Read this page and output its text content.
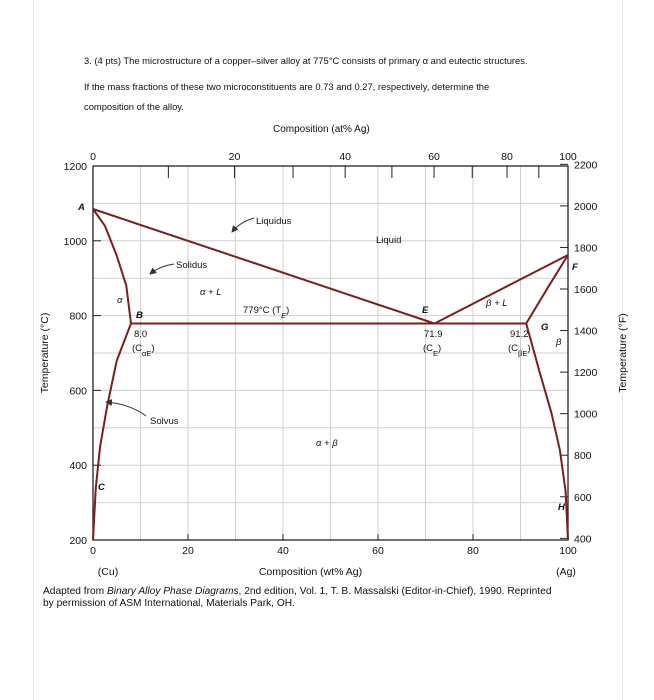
3. (4 pts) The microstructure of a copper–silver alloy at 775°C consists of primary α and eutectic structures.
If the mass fractions of these two microconstituents are 0.73 and 0.27, respectively, determine the
composition of the alloy.
Composition (at% Ag)
0	20	40	60	80	100
Composition (wt% Ag)
(Cu)	(Ag)
0	20	40	60	80	100
200
400
600
800
1000
1200
Temperature (°C)
400
600
800
1000
1200
1400
1600
1800
2000
2200
Temperature (°F)
A
B
C
E
F
G
H
Liquidus
Solidus
Liquid
Solvus
α
α + L
β + L
β
α + β
779°C $(T_E)$
8.0
$(C_{\alpha E})$
71.9
$(C_E)$
91.2
$(C_{\beta E})$
Adapted from Binary Alloy Phase Diagrams, 2nd edition, Vol. 1, T. B. Massalski (Editor-in-Chief), 1990. Reprinted
by permission of ASM International, Materials Park, OH.
